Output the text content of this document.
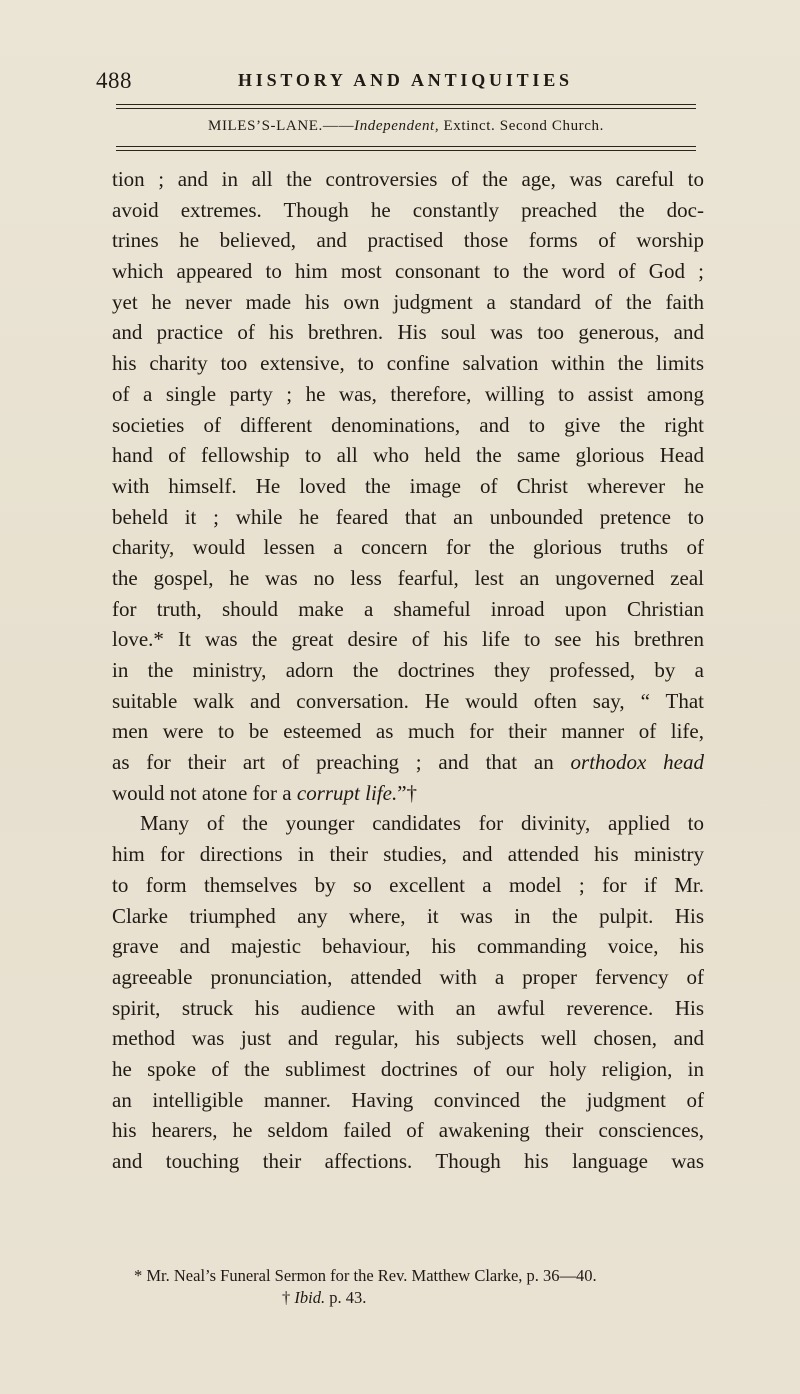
488	HISTORY AND ANTIQUITIES
MILES’S-LANE.——Independent, Extinct. Second Church.
tion ; and in all the controversies of the age, was careful to
avoid extremes. Though he constantly preached the doc-
trines he believed, and practised those forms of worship
which appeared to him most consonant to the word of God ;
yet he never made his own judgment a standard of the faith
and practice of his brethren. His soul was too generous, and
his charity too extensive, to confine salvation within the limits
of a single party ; he was, therefore, willing to assist among
societies of different denominations, and to give the right
hand of fellowship to all who held the same glorious Head
with himself. He loved the image of Christ wherever he
beheld it ; while he feared that an unbounded pretence to
charity, would lessen a concern for the glorious truths of
the gospel, he was no less fearful, lest an ungoverned zeal
for truth, should make a shameful inroad upon Christian
love.* It was the great desire of his life to see his brethren
in the ministry, adorn the doctrines they professed, by a
suitable walk and conversation. He would often say, “ That
men were to be esteemed as much for their manner of life,
as for their art of preaching ; and that an orthodox head
would not atone for a corrupt life.”†
Many of the younger candidates for divinity, applied to
him for directions in their studies, and attended his ministry
to form themselves by so excellent a model ; for if Mr.
Clarke triumphed any where, it was in the pulpit. His
grave and majestic behaviour, his commanding voice, his
agreeable pronunciation, attended with a proper fervency of
spirit, struck his audience with an awful reverence. His
method was just and regular, his subjects well chosen, and
he spoke of the sublimest doctrines of our holy religion, in
an intelligible manner. Having convinced the judgment of
his hearers, he seldom failed of awakening their consciences,
and touching their affections. Though his language was
* Mr. Neal’s Funeral Sermon for the Rev. Matthew Clarke, p. 36—40.
† Ibid. p. 43.
